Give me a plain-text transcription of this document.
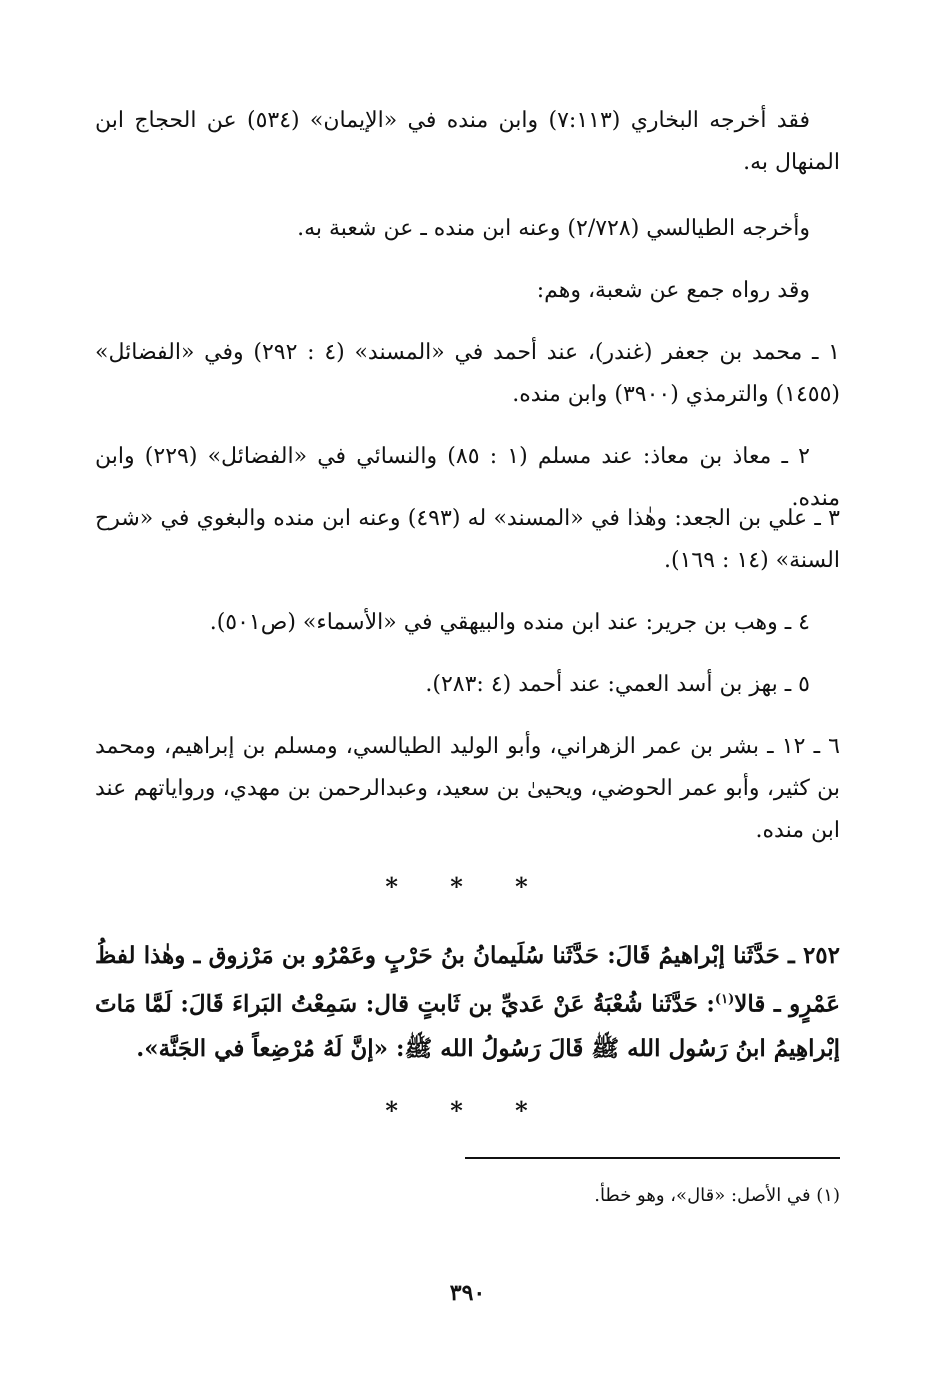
فقد أخرجه البخاري (٧:١١٣) وابن منده في «الإيمان» (٥٣٤) عن الحجاج ابن المنهال به.

وأخرجه الطيالسي (٢/٧٢٨) وعنه ابن منده ـ عن شعبة به.

وقد رواه جمع عن شعبة، وهم:

١ ـ محمد بن جعفر (غندر)، عند أحمد في «المسند» (٤ : ٢٩٢) وفي «الفضائل» (١٤٥٥) والترمذي (٣٩٠٠) وابن منده.

٢ ـ معاذ بن معاذ: عند مسلم (١ : ٨٥) والنسائي في «الفضائل» (٢٢٩) وابن منده.

٣ ـ علي بن الجعد: وهٰذا في «المسند» له (٤٩٣) وعنه ابن منده والبغوي في «شرح السنة» (١٤ : ١٦٩).

٤ ـ وهب بن جرير: عند ابن منده والبيهقي في «الأسماء» (ص٥٠١).

٥ ـ بهز بن أسد العمي: عند أحمد (٤ :٢٨٣).

٦ ـ ١٢ ـ بشر بن عمر الزهراني، وأبو الوليد الطيالسي، ومسلم بن إبراهيم، ومحمد بن كثير، وأبو عمر الحوضي، ويحيىٰ بن سعيد، وعبدالرحمن بن مهدي، ورواياتهم عند ابن منده.

* * *

٢٥٢ ـ حَدَّثَنا إبْراهيمُ قَالَ: حَدَّثَنا سُلَيمانُ بنُ حَرْبٍ وعَمْرُو بن مَرْزوق ـ وهٰذا لفظُ عَمْرٍو ـ قالا$^{(١)}$: حَدَّثَنا شُعْبَةُ عَنْ عَديِّ بن ثَابتٍ قال: سَمِعْتُ البَراءَ قَالَ: لَمَّا مَاتَ إبْراهِيمُ ابنُ رَسُول الله ﷺ قَالَ رَسُولُ الله ﷺ: «إنَّ لَهُ مُرْضِعاً في الجَنَّة».

* * *

(١) في الأصل: «قال»، وهو خطأ.

٣٩٠
